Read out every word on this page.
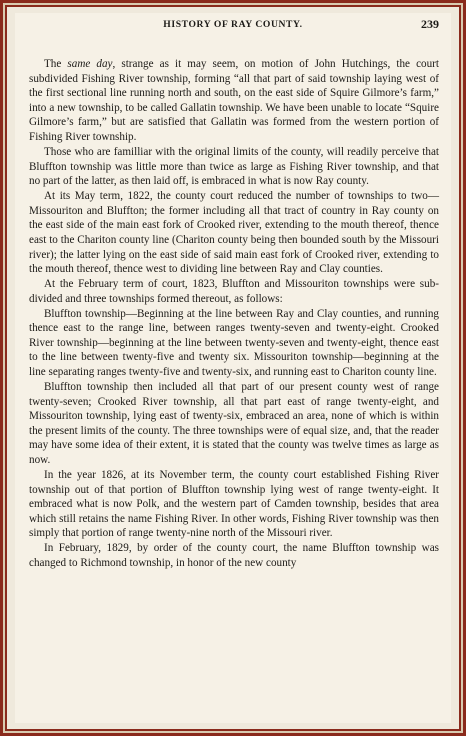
HISTORY OF RAY COUNTY.	239

The same day, strange as it may seem, on motion of John Hutchings, the court subdivided Fishing River township, forming “all that part of said township laying west of the first sectional line running north and south, on the east side of Squire Gilmore’s farm,” into a new township, to be called Gallatin township. We have been unable to locate “Squire Gilmore’s farm,” but are satisfied that Gallatin was formed from the western portion of Fishing River township.

Those who are familliar with the original limits of the county, will readily perceive that Bluffton township was little more than twice as large as Fishing River township, and that no part of the latter, as then laid off, is embraced in what is now Ray county.

At its May term, 1822, the county court reduced the number of townships to two—Missouriton and Bluffton; the former including all that tract of country in Ray county on the east side of the main east fork of Crooked river, extending to the mouth thereof, thence east to the Chariton county line (Chariton county being then bounded south by the Missouri river); the latter lying on the east side of said main east fork of Crooked river, extending to the mouth thereof, thence west to dividing line between Ray and Clay counties.

At the February term of court, 1823, Bluffton and Missouriton townships were sub-divided and three townships formed thereout, as follows:

Bluffton township—Beginning at the line between Ray and Clay counties, and running thence east to the range line, between ranges twenty-seven and twenty-eight. Crooked River township—beginning at the line between twenty-seven and twenty-eight, thence east to the line between twenty-five and twenty six. Missouriton township—beginning at the line separating ranges twenty-five and twenty-six, and running east to Chariton county line.

Bluffton township then included all that part of our present county west of range twenty-seven; Crooked River township, all that part east of range twenty-eight, and Missouriton township, lying east of twenty-six, embraced an area, none of which is within the present limits of the county. The three townships were of equal size, and, that the reader may have some idea of their extent, it is stated that the county was twelve times as large as now.

In the year 1826, at its November term, the county court established Fishing River township out of that portion of Bluffton township lying west of range twenty-eight. It embraced what is now Polk, and the western part of Camden township, besides that area which still retains the name Fishing River. In other words, Fishing River township was then simply that portion of range twenty-nine north of the Missouri river.

In February, 1829, by order of the county court, the name Bluffton township was changed to Richmond township, in honor of the new county
